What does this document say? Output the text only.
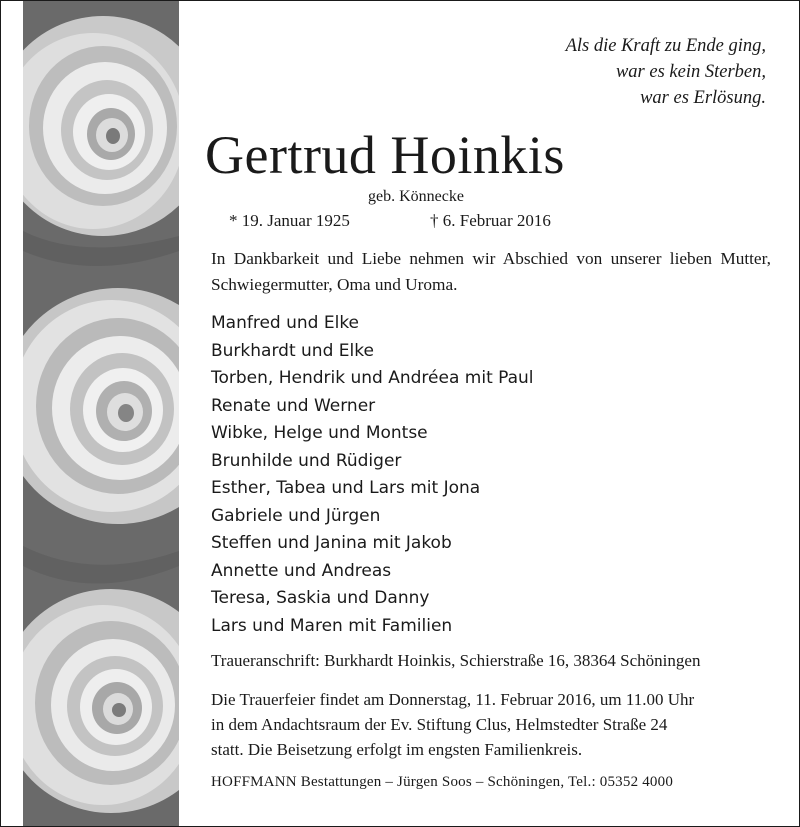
Als die Kraft zu Ende ging,
war es kein Sterben,
war es Erlösung.
Gertrud Hoinkis
geb. Könnecke
* 19. Januar 1925	† 6. Februar 2016
In Dankbarkeit und Liebe nehmen wir Abschied von unserer lieben Mutter, Schwiegermutter, Oma und Uroma.
Manfred und Elke
Burkhardt und Elke
Torben, Hendrik und Andréea mit Paul
Renate und Werner
Wibke, Helge und Montse
Brunhilde und Rüdiger
Esther, Tabea und Lars mit Jona
Gabriele und Jürgen
Steffen und Janina mit Jakob
Annette und Andreas
Teresa, Saskia und Danny
Lars und Maren mit Familien
Traueranschrift: Burkhardt Hoinkis, Schierstraße 16, 38364 Schöningen
Die Trauerfeier findet am Donnerstag, 11. Februar 2016, um 11.00 Uhr
in dem Andachtsraum der Ev. Stiftung Clus, Helmstedter Straße 24
statt. Die Beisetzung erfolgt im engsten Familienkreis.
HOFFMANN Bestattungen – Jürgen Soos – Schöningen, Tel.: 05352 4000
